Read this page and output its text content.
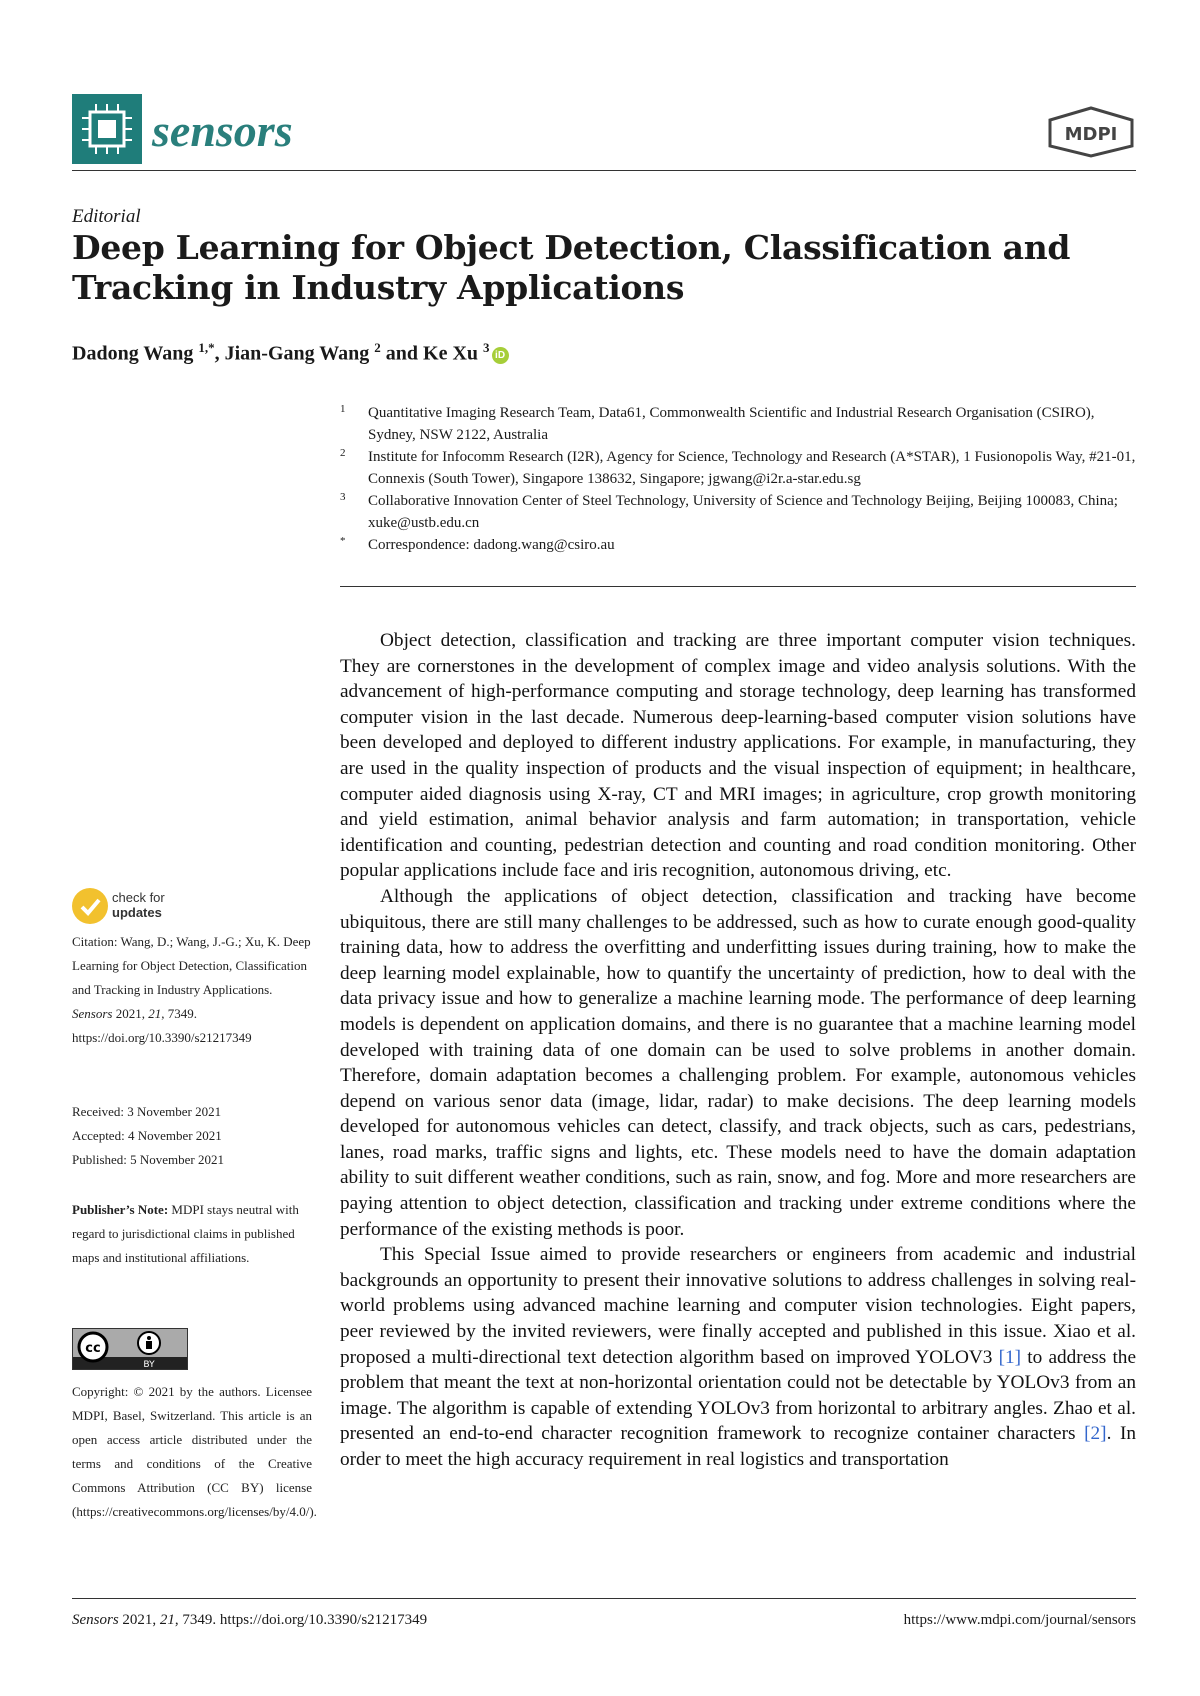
sensors	MDPI
Editorial
Deep Learning for Object Detection, Classification and Tracking in Industry Applications
Dadong Wang $^{1,*}$, Jian-Gang Wang $^2$ and Ke Xu $^3$iD
1 Quantitative Imaging Research Team, Data61, Commonwealth Scientific and Industrial Research Organisation (CSIRO), Sydney, NSW 2122, Australia
2 Institute for Infocomm Research (I2R), Agency for Science, Technology and Research (A*STAR), 1 Fusionopolis Way, #21-01, Connexis (South Tower), Singapore 138632, Singapore; jgwang@i2r.a-star.edu.sg
3 Collaborative Innovation Center of Steel Technology, University of Science and Technology Beijing, Beijing 100083, China; xuke@ustb.edu.cn
* Correspondence: dadong.wang@csiro.au
check for
updates
Citation: Wang, D.; Wang, J.-G.; Xu, K. Deep Learning for Object Detection, Classification and Tracking in Industry Applications. Sensors 2021, 21, 7349. https://doi.org/10.3390/s21217349
Received: 3 November 2021
Accepted: 4 November 2021
Published: 5 November 2021
Publisher’s Note: MDPI stays neutral with regard to jurisdictional claims in published maps and institutional affiliations.
cc
BY
Copyright: © 2021 by the authors. Licensee MDPI, Basel, Switzerland. This article is an open access article distributed under the terms and conditions of the Creative Commons Attribution (CC BY) license (https://creativecommons.org/licenses/by/4.0/).

Object detection, classification and tracking are three important computer vision techniques. They are cornerstones in the development of complex image and video analysis solutions. With the advancement of high-performance computing and storage technology, deep learning has transformed computer vision in the last decade. Numerous deep-learning-based computer vision solutions have been developed and deployed to different industry applications. For example, in manufacturing, they are used in the quality inspection of products and the visual inspection of equipment; in healthcare, computer aided diagnosis using X-ray, CT and MRI images; in agriculture, crop growth monitoring and yield estimation, animal behavior analysis and farm automation; in transportation, vehicle identification and counting, pedestrian detection and counting and road condition monitoring. Other popular applications include face and iris recognition, autonomous driving, etc.

Although the applications of object detection, classification and tracking have become ubiquitous, there are still many challenges to be addressed, such as how to curate enough good-quality training data, how to address the overfitting and underfitting issues during training, how to make the deep learning model explainable, how to quantify the uncertainty of prediction, how to deal with the data privacy issue and how to generalize a machine learning mode. The performance of deep learning models is dependent on application domains, and there is no guarantee that a machine learning model developed with training data of one domain can be used to solve problems in another domain. Therefore, domain adaptation becomes a challenging problem. For example, autonomous vehicles depend on various senor data (image, lidar, radar) to make decisions. The deep learning models developed for autonomous vehicles can detect, classify, and track objects, such as cars, pedestrians, lanes, road marks, traffic signs and lights, etc. These models need to have the domain adaptation ability to suit different weather conditions, such as rain, snow, and fog. More and more researchers are paying attention to object detection, classification and tracking under extreme conditions where the performance of the existing methods is poor.

This Special Issue aimed to provide researchers or engineers from academic and industrial backgrounds an opportunity to present their innovative solutions to address challenges in solving real-world problems using advanced machine learning and computer vision technologies. Eight papers, peer reviewed by the invited reviewers, were finally accepted and published in this issue. Xiao et al. proposed a multi-directional text detection algorithm based on improved YOLOV3 [1] to address the problem that meant the text at non-horizontal orientation could not be detectable by YOLOv3 from an image. The algorithm is capable of extending YOLOv3 from horizontal to arbitrary angles. Zhao et al. presented an end-to-end character recognition framework to recognize container characters [2]. In order to meet the high accuracy requirement in real logistics and transportation

Sensors 2021, 21, 7349. https://doi.org/10.3390/s21217349	https://www.mdpi.com/journal/sensors
